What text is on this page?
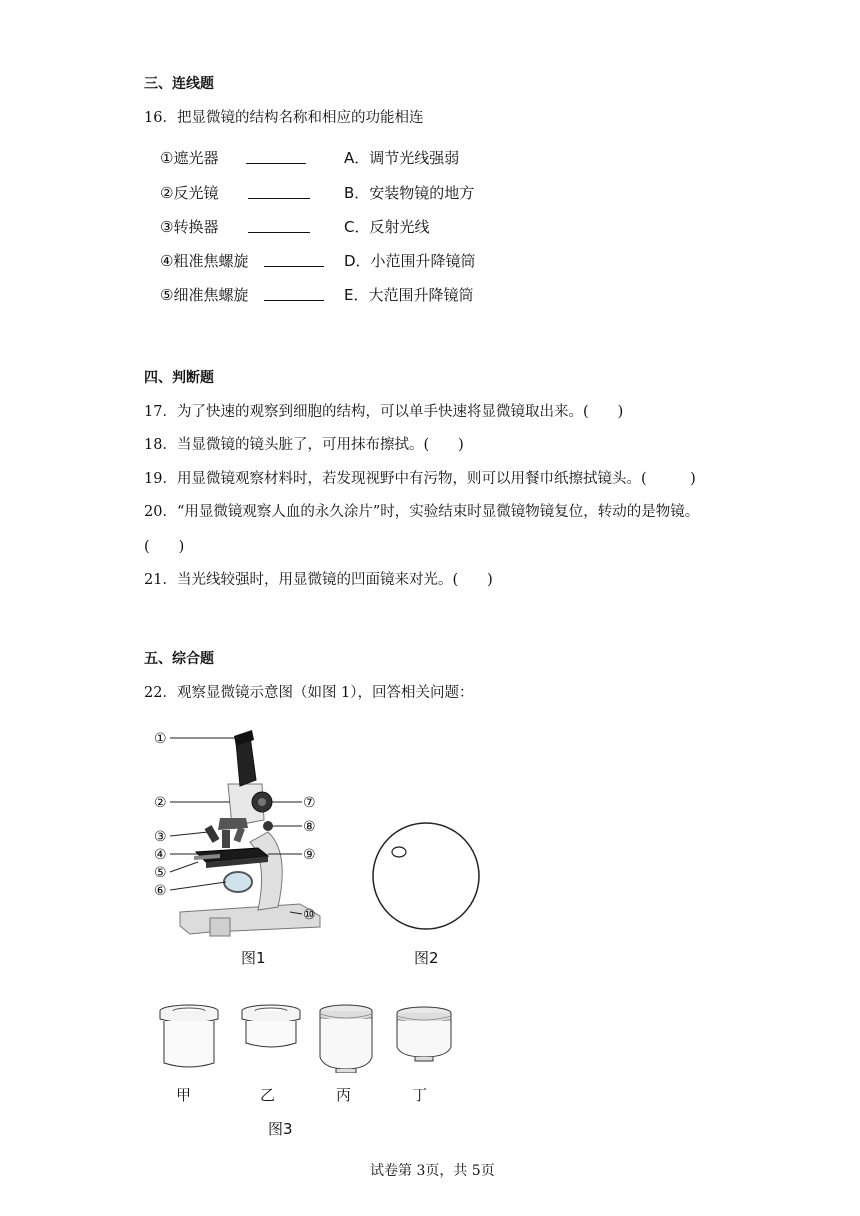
三、连线题
16．把显微镜的结构名称和相应的功能相连
①遮光器	A．调节光线强弱
②反光镜	B．安装物镜的地方
③转换器	C．反射光线
④粗准焦螺旋	D．小范围升降镜筒
⑤细准焦螺旋	E．大范围升降镜筒
四、判断题
17．为了快速的观察到细胞的结构，可以单手快速将显微镜取出来。(　　)
18．当显微镜的镜头脏了，可用抹布擦拭。(　　)
19．用显微镜观察材料时，若发现视野中有污物，则可以用餐巾纸擦拭镜头。(　　　)
20．“用显微镜观察人血的永久涂片”时，实验结束时显微镜物镜复位，转动的是物镜。
(　　)
21．当光线较强时，用显微镜的凹面镜来对光。(　　)
五、综合题
22．观察显微镜示意图（如图 1），回答相关问题：
①
②
③
④
⑤
⑥
⑦
⑧
⑨
⑩
图1	图2
甲	乙	丙	丁
图3
试卷第 3页，共 5页
